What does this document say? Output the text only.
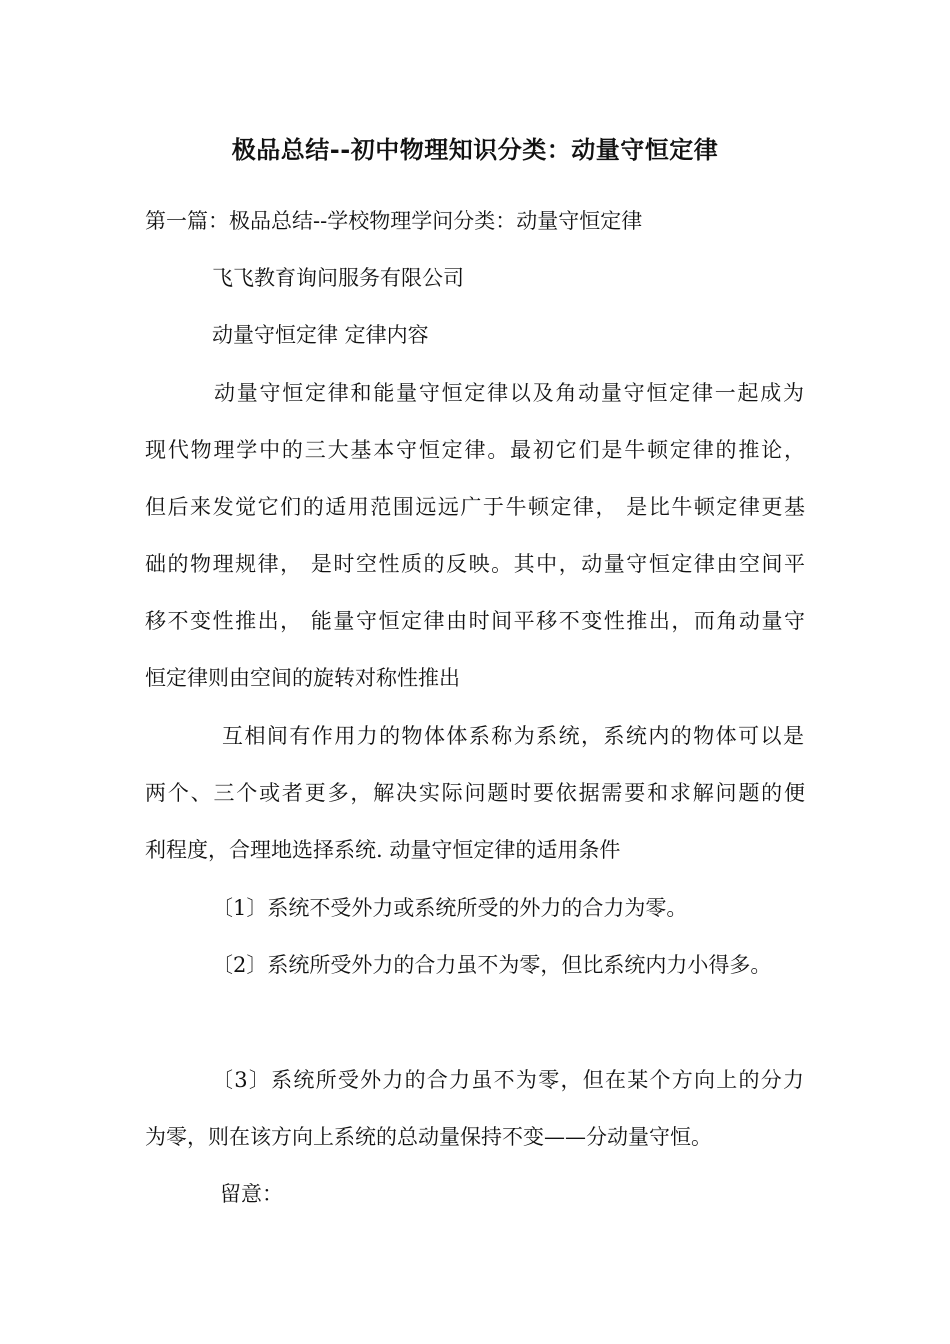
极品总结--初中物理知识分类：动量守恒定律
第一篇：极品总结--学校物理学问分类：动量守恒定律
飞飞教育询问服务有限公司
动量守恒定律 定律内容
动量守恒定律和能量守恒定律以及角动量守恒定律一起成为
现代物理学中的三大基本守恒定律。最初它们是牛顿定律的推论，
但后来发觉它们的适用范围远远广于牛顿定律， 是比牛顿定律更基
础的物理规律， 是时空性质的反映。其中，动量守恒定律由空间平
移不变性推出， 能量守恒定律由时间平移不变性推出，而角动量守
恒定律则由空间的旋转对称性推出
互相间有作用力的物体体系称为系统，系统内的物体可以是
两个、三个或者更多，解决实际问题时要依据需要和求解问题的便
利程度，合理地选择系统. 动量守恒定律的适用条件
〔1〕系统不受外力或系统所受的外力的合力为零。
〔2〕系统所受外力的合力虽不为零，但比系统内力小得多。
〔3〕系统所受外力的合力虽不为零，但在某个方向上的分力
为零，则在该方向上系统的总动量保持不变——分动量守恒。
留意：
